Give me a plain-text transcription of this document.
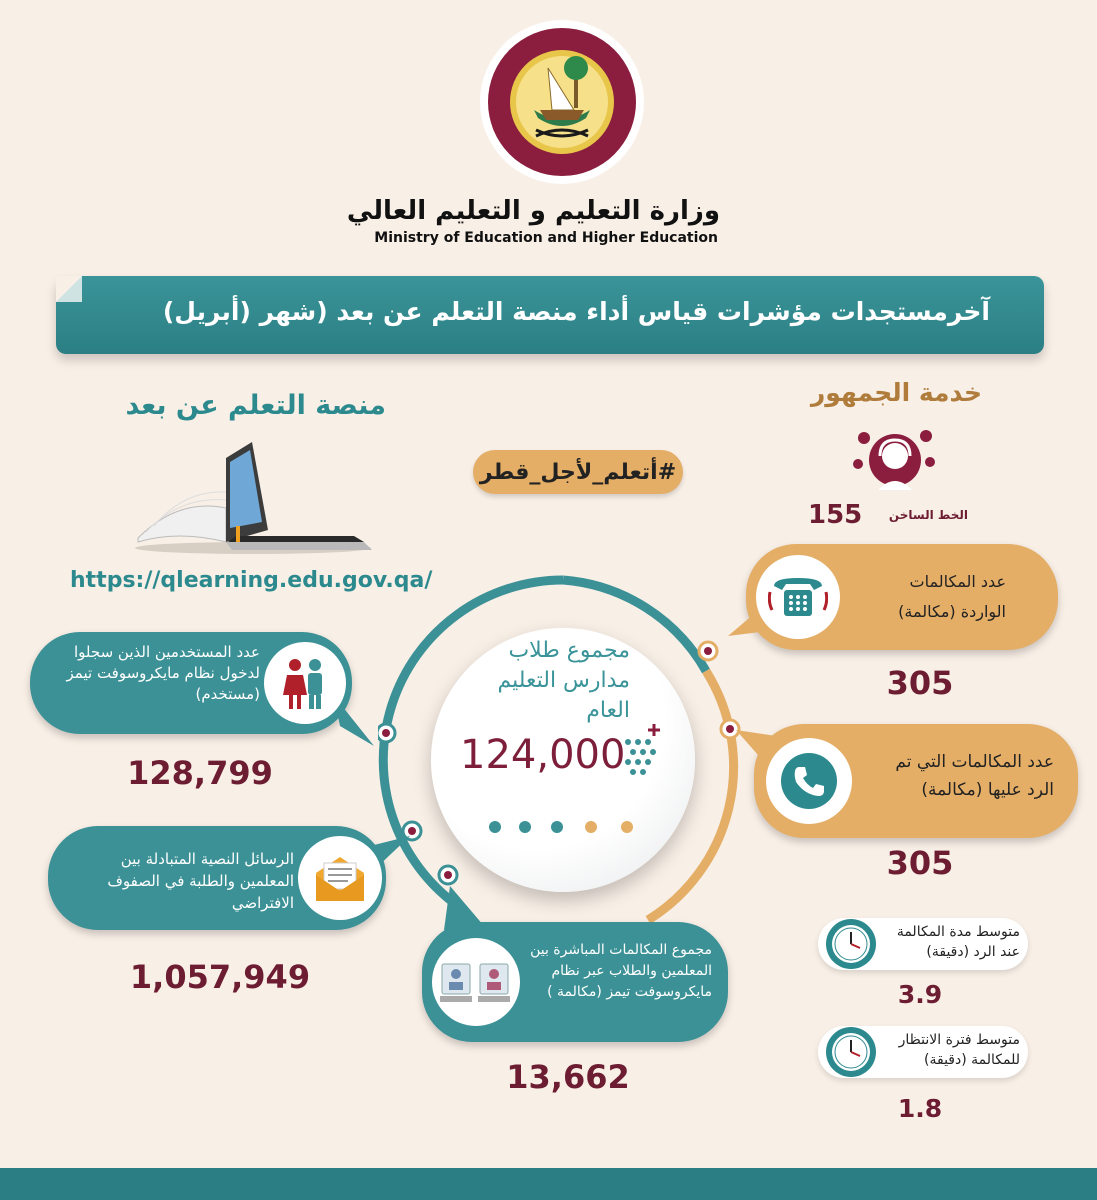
وزارة التعليم و التعليم العالي
Ministry of Education and Higher Education
آخرمستجدات مؤشرات قياس أداء منصة التعلم عن بعد (شهر (أبريل)
منصة التعلم عن بعد	خدمة الجمهور
https://qlearning.edu.gov.qa/
#أتعلم_لأجل_قطر
الخط الساخن
155
مجموع طلاب مدارس التعليم العام
124,000
عدد المستخدمين الذين سجلوا لدخول نظام مايكروسوفت تيمز (مستخدم)
128,799
الرسائل النصية المتبادلة بين المعلمين والطلبة في الصفوف الافتراضي
1,057,949
مجموع المكالمات المباشرة بين المعلمين والطلاب عبر نظام مايكروسوفت تيمز (مكالمة )
13,662
عدد المكالمات
الواردة (مكالمة)
305
عدد المكالمات التي تم
الرد عليها (مكالمة)
305
متوسط مدة المكالمة
عند الرد (دقيقة)
3.9
متوسط فترة الانتظار
للمكالمة (دقيقة)
1.8
